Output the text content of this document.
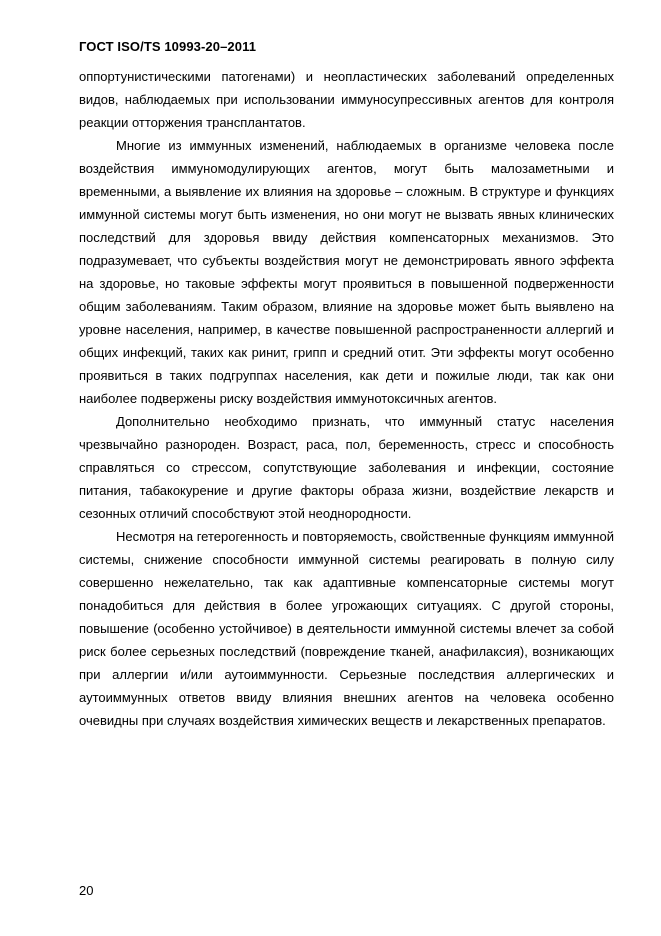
ГОСТ ISO/TS 10993-20–2011

оппортунистическими патогенами) и неопластических заболеваний определенных видов, наблюдаемых при использовании иммуносупрессивных агентов для контроля реакции отторжения трансплантатов.

Многие из иммунных изменений, наблюдаемых в организме человека после воздействия иммуномодулирующих агентов, могут быть малозаметными и временными, а выявление их влияния на здоровье – сложным. В структуре и функциях иммунной системы могут быть изменения, но они могут не вызвать явных клинических последствий для здоровья ввиду действия компенсаторных механизмов. Это подразумевает, что субъекты воздействия могут не демонстрировать явного эффекта на здоровье, но таковые эффекты могут проявиться в повышенной подверженности общим заболеваниям. Таким образом, влияние на здоровье может быть выявлено на уровне населения, например, в качестве повышенной распространенности аллергий и общих инфекций, таких как ринит, грипп и средний отит. Эти эффекты могут особенно проявиться в таких подгруппах населения, как дети и пожилые люди, так как они наиболее подвержены риску воздействия иммунотоксичных агентов.

Дополнительно необходимо признать, что иммунный статус населения чрезвычайно разнороден. Возраст, раса, пол, беременность, стресс и способность справляться со стрессом, сопутствующие заболевания и инфекции, состояние питания, табакокурение и другие факторы образа жизни, воздействие лекарств и сезонных отличий способствуют этой неоднородности.

Несмотря на гетерогенность и повторяемость, свойственные функциям иммунной системы, снижение способности иммунной системы реагировать в полную силу совершенно нежелательно, так как адаптивные компенсаторные системы могут понадобиться для действия в более угрожающих ситуациях. С другой стороны, повышение (особенно устойчивое) в деятельности иммунной системы влечет за собой риск более серьезных последствий (повреждение тканей, анафилаксия), возникающих при аллергии и/или аутоиммунности. Серьезные последствия аллергических и аутоиммунных ответов ввиду влияния внешних агентов на человека особенно очевидны при случаях воздействия химических веществ и лекарственных препаратов.

20
